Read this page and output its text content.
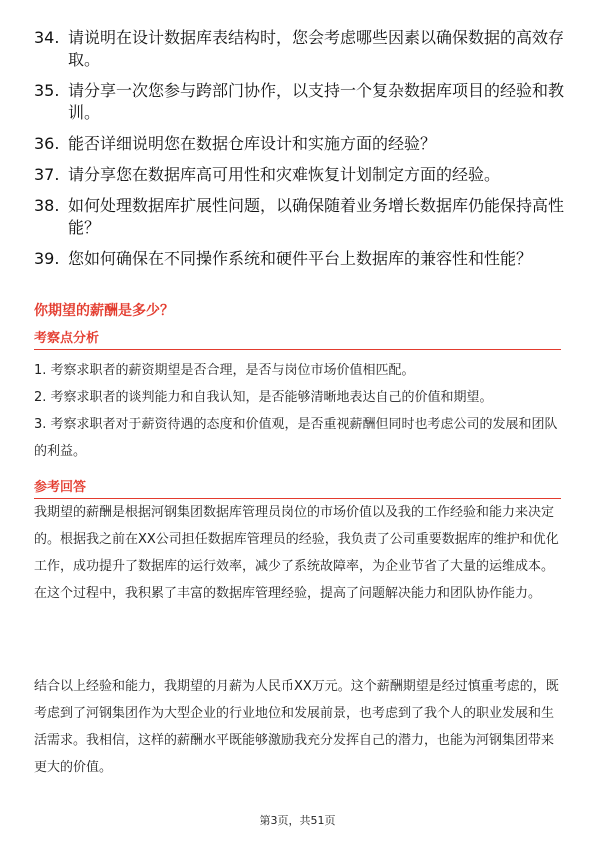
34. 请说明在设计数据库表结构时，您会考虑哪些因素以确保数据的高效存取。
35. 请分享一次您参与跨部门协作，以支持一个复杂数据库项目的经验和教训。
36. 能否详细说明您在数据仓库设计和实施方面的经验？
37. 请分享您在数据库高可用性和灾难恢复计划制定方面的经验。
38. 如何处理数据库扩展性问题，以确保随着业务增长数据库仍能保持高性能？
39. 您如何确保在不同操作系统和硬件平台上数据库的兼容性和性能？
你期望的薪酬是多少？
考察点分析
1. 考察求职者的薪资期望是否合理，是否与岗位市场价值相匹配。
2. 考察求职者的谈判能力和自我认知，是否能够清晰地表达自己的价值和期望。
3. 考察求职者对于薪资待遇的态度和价值观，是否重视薪酬但同时也考虑公司的发展和团队的利益。
参考回答
我期望的薪酬是根据河钢集团数据库管理员岗位的市场价值以及我的工作经验和能力来决定的。根据我之前在XX公司担任数据库管理员的经验，我负责了公司重要数据库的维护和优化工作，成功提升了数据库的运行效率，减少了系统故障率，为企业节省了大量的运维成本。在这个过程中，我积累了丰富的数据库管理经验，提高了问题解决能力和团队协作能力。
结合以上经验和能力，我期望的月薪为人民币XX万元。这个薪酬期望是经过慎重考虑的，既考虑到了河钢集团作为大型企业的行业地位和发展前景，也考虑到了我个人的职业发展和生活需求。我相信，这样的薪酬水平既能够激励我充分发挥自己的潜力，也能为河钢集团带来更大的价值。
第3页，共51页
